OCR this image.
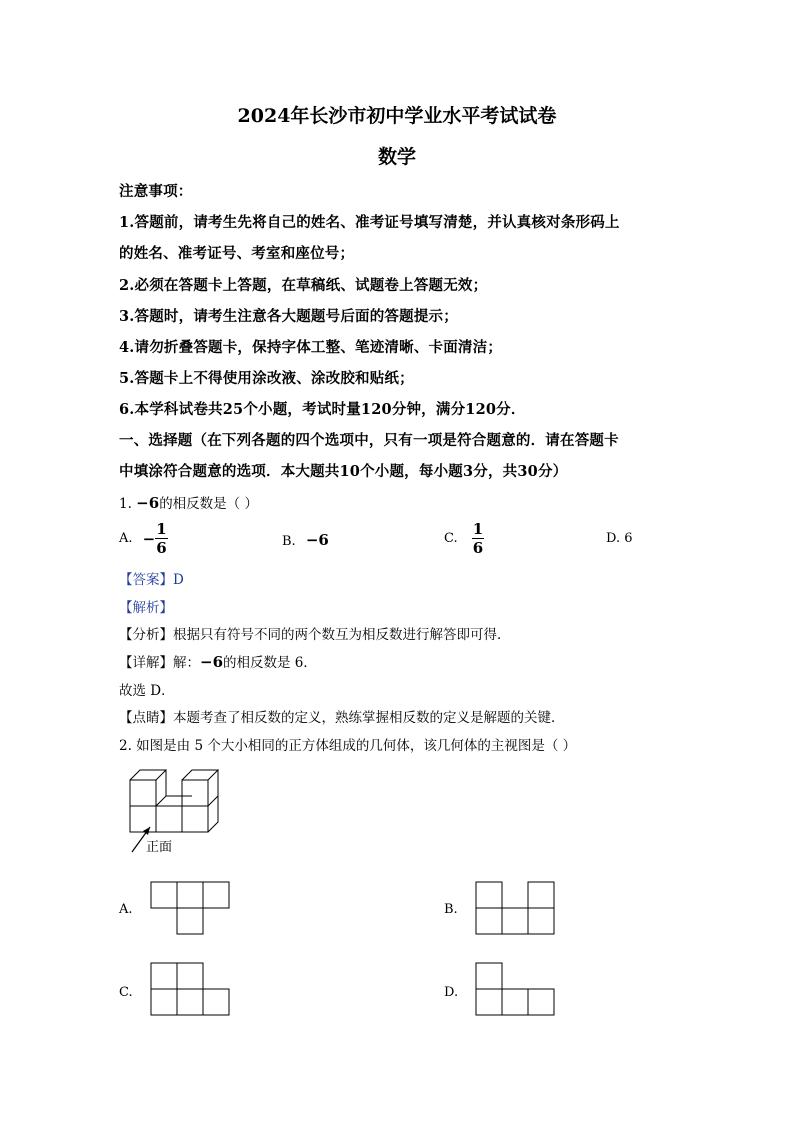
2024年长沙市初中学业水平考试试卷
数学
注意事项：
1.答题前，请考生先将自己的姓名、准考证号填写清楚，并认真核对条形码上
的姓名、准考证号、考室和座位号；
2.必须在答题卡上答题，在草稿纸、试题卷上答题无效；
3.答题时，请考生注意各大题题号后面的答题提示；
4.请勿折叠答题卡，保持字体工整、笔迹清晰、卡面清洁；
5.答题卡上不得使用涂改液、涂改胶和贴纸；
6.本学科试卷共25个小题，考试时量120分钟，满分120分．
一、选择题（在下列各题的四个选项中，只有一项是符合题意的．请在答题卡
中填涂符合题意的选项．本大题共10个小题，每小题3分，共30分）
1. −6的相反数是（ ）
A. − $\frac{1}{6}$	B. −6	C. $\frac{1}{6}$	D. 6
【答案】D
【解析】
【分析】根据只有符号不同的两个数互为相反数进行解答即可得．
【详解】解：−6的相反数是 6．
故选 D．
【点睛】本题考查了相反数的定义，熟练掌握相反数的定义是解题的关键．
2. 如图是由 5 个大小相同的正方体组成的几何体，该几何体的主视图是（ ）
正面
A.	B.
C.	D.
